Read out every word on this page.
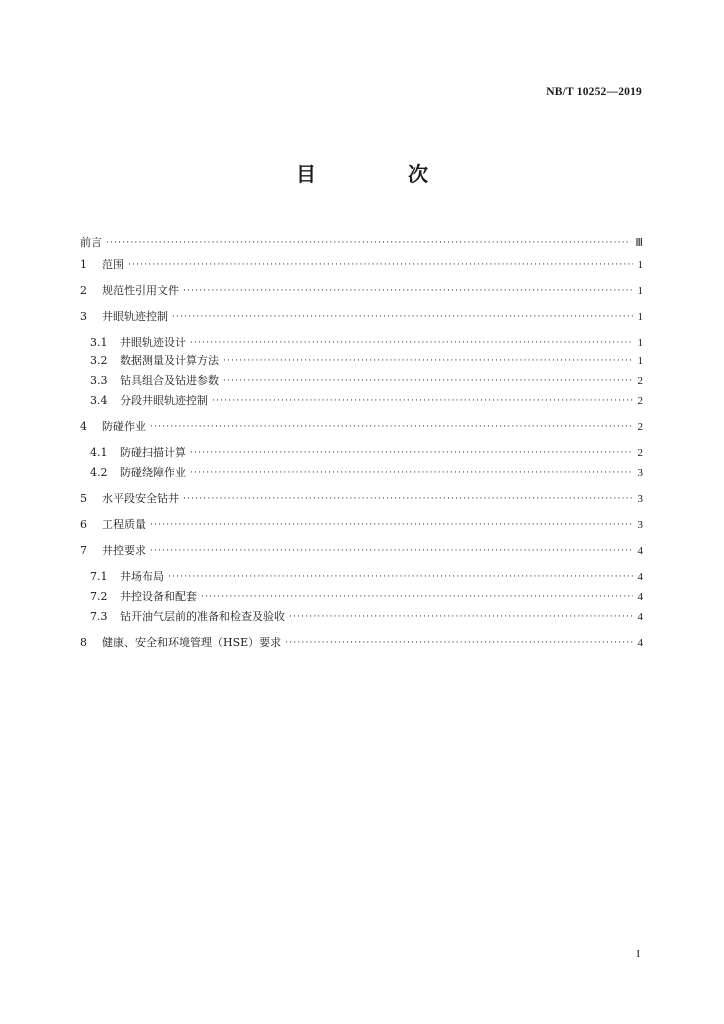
NB/T 10252—2019
目　次
前言 ·····	Ⅲ
1	范围 ·····	1
2	规范性引用文件 ·····	1
3	井眼轨迹控制 ·····	1
3.1	井眼轨迹设计 ·····	1
3.2	数据测量及计算方法 ·····	1
3.3	钻具组合及钻进参数 ·····	2
3.4	分段井眼轨迹控制 ·····	2
4	防碰作业 ·····	2
4.1	防碰扫描计算 ·····	2
4.2	防碰绕障作业 ·····	3
5	水平段安全钻井 ·····	3
6	工程质量 ·····	3
7	井控要求 ·····	4
7.1	井场布局 ·····	4
7.2	井控设备和配套 ·····	4
7.3	钻开油气层前的准备和检查及验收 ·····	4
8	健康、安全和环境管理（HSE）要求 ·····	4
I
